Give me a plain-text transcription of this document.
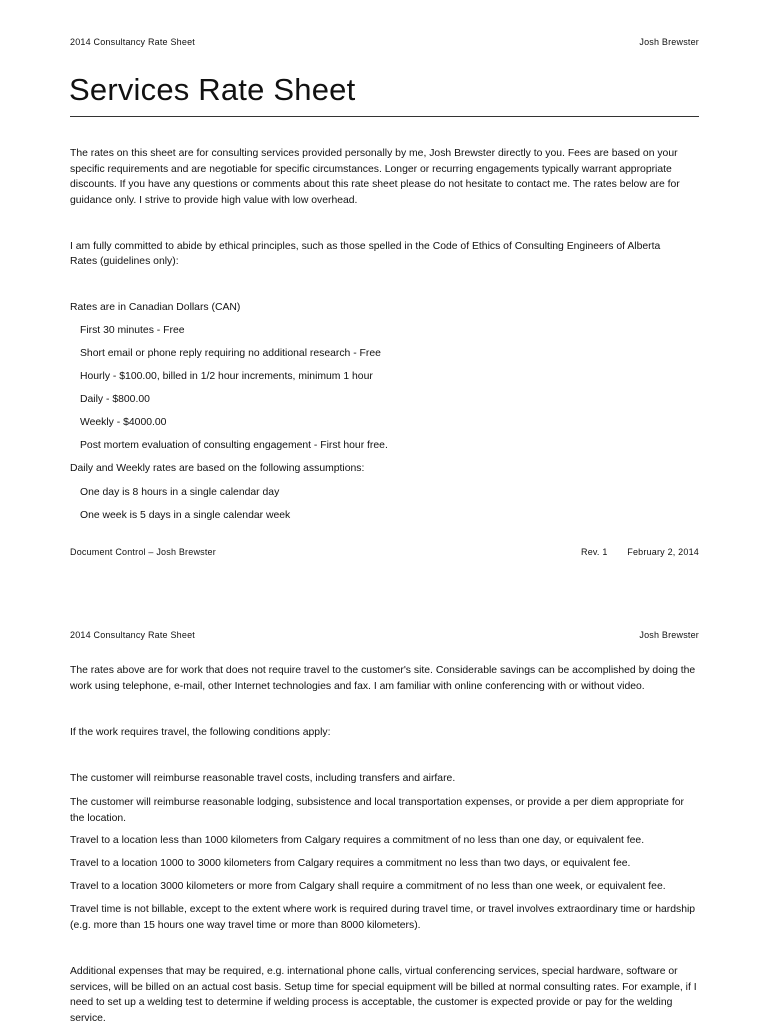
2014 Consultancy Rate Sheet	Josh Brewster
Services Rate Sheet
The rates on this sheet are for consulting services provided personally by me, Josh Brewster directly to you. Fees are based on your specific requirements and are negotiable for specific circumstances. Longer or recurring engagements typically warrant appropriate discounts. If you have any questions or comments about this rate sheet please do not hesitate to contact me. The rates below are for guidance only. I strive to provide high value with low overhead.
I am fully committed to abide by ethical principles, such as those spelled in the Code of Ethics of Consulting Engineers of Alberta
Rates (guidelines only):
Rates are in Canadian Dollars (CAN)
First 30 minutes - Free
Short email or phone reply requiring no additional research - Free
Hourly - $100.00, billed in 1/2 hour increments, minimum 1 hour
Daily - $800.00
Weekly - $4000.00
Post mortem evaluation of consulting engagement - First hour free.
Daily and Weekly rates are based on the following assumptions:
One day is 8 hours in a single calendar day
One week is 5 days in a single calendar week
Document Control – Josh Brewster	Rev. 1 February 2, 2014
2014 Consultancy Rate Sheet	Josh Brewster
The rates above are for work that does not require travel to the customer's site. Considerable savings can be accomplished by doing the work using telephone, e-mail, other Internet technologies and fax. I am familiar with online conferencing with or without video.
If the work requires travel, the following conditions apply:
The customer will reimburse reasonable travel costs, including transfers and airfare.
The customer will reimburse reasonable lodging, subsistence and local transportation expenses, or provide a per diem appropriate for the location.
Travel to a location less than 1000 kilometers from Calgary requires a commitment of no less than one day, or equivalent fee.
Travel to a location 1000 to 3000 kilometers from Calgary requires a commitment no less than two days, or equivalent fee.
Travel to a location 3000 kilometers or more from Calgary shall require a commitment of no less than one week, or equivalent fee.
Travel time is not billable, except to the extent where work is required during travel time, or travel involves extraordinary time or hardship (e.g. more than 15 hours one way travel time or more than 8000 kilometers).
Additional expenses that may be required, e.g. international phone calls, virtual conferencing services, special hardware, software or services, will be billed on an actual cost basis. Setup time for special equipment will be billed at normal consulting rates. For example, if I need to set up a welding test to determine if welding process is acceptable, the customer is expected provide or pay for the welding service.
